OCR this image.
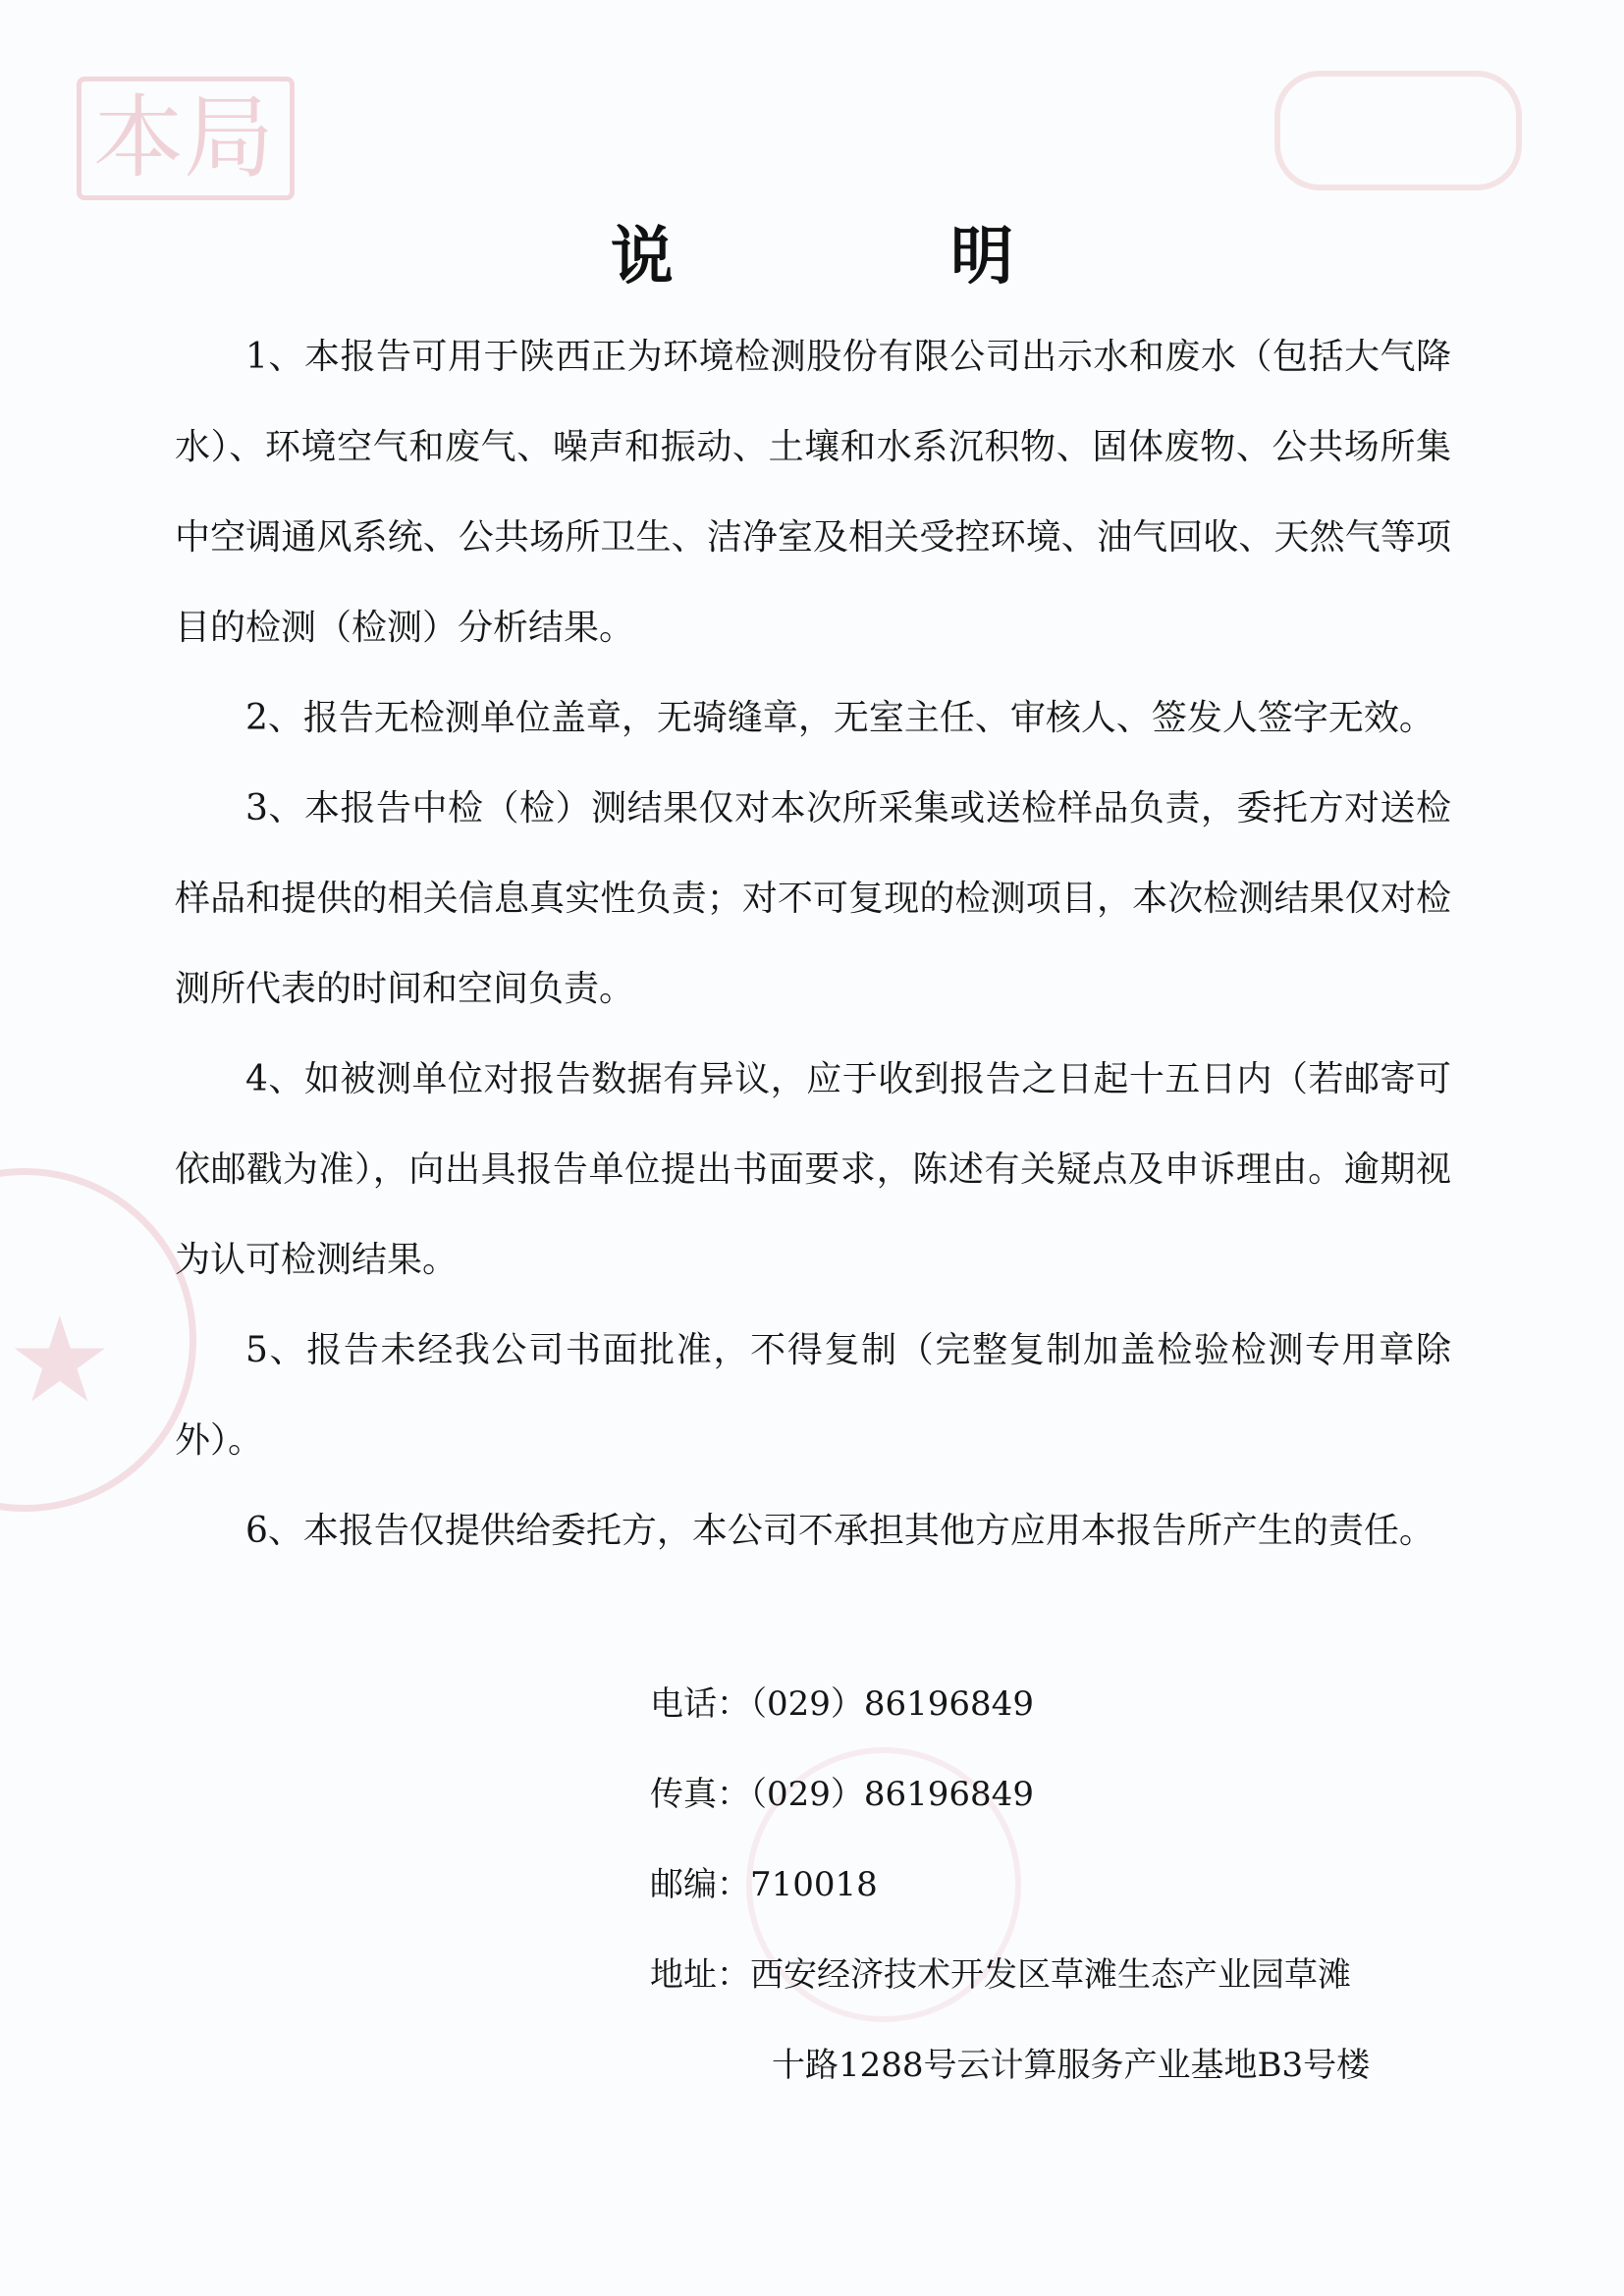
本局
★
说 明

1、本报告可用于陕西正为环境检测股份有限公司出示水和废水（包括大气降水）、环境空气和废气、噪声和振动、土壤和水系沉积物、固体废物、公共场所集中空调通风系统、公共场所卫生、洁净室及相关受控环境、油气回收、天然气等项目的检测（检测）分析结果。

2、报告无检测单位盖章，无骑缝章，无室主任、审核人、签发人签字无效。

3、本报告中检（检）测结果仅对本次所采集或送检样品负责，委托方对送检样品和提供的相关信息真实性负责；对不可复现的检测项目，本次检测结果仅对检测所代表的时间和空间负责。

4、如被测单位对报告数据有异议，应于收到报告之日起十五日内（若邮寄可依邮戳为准），向出具报告单位提出书面要求，陈述有关疑点及申诉理由。逾期视为认可检测结果。

5、报告未经我公司书面批准，不得复制（完整复制加盖检验检测专用章除外）。

6、本报告仅提供给委托方，本公司不承担其他方应用本报告所产生的责任。

电话：（029）86196849
传真：（029）86196849
邮编：710018
地址：西安经济技术开发区草滩生态产业园草滩
十路1288号云计算服务产业基地B3号楼
